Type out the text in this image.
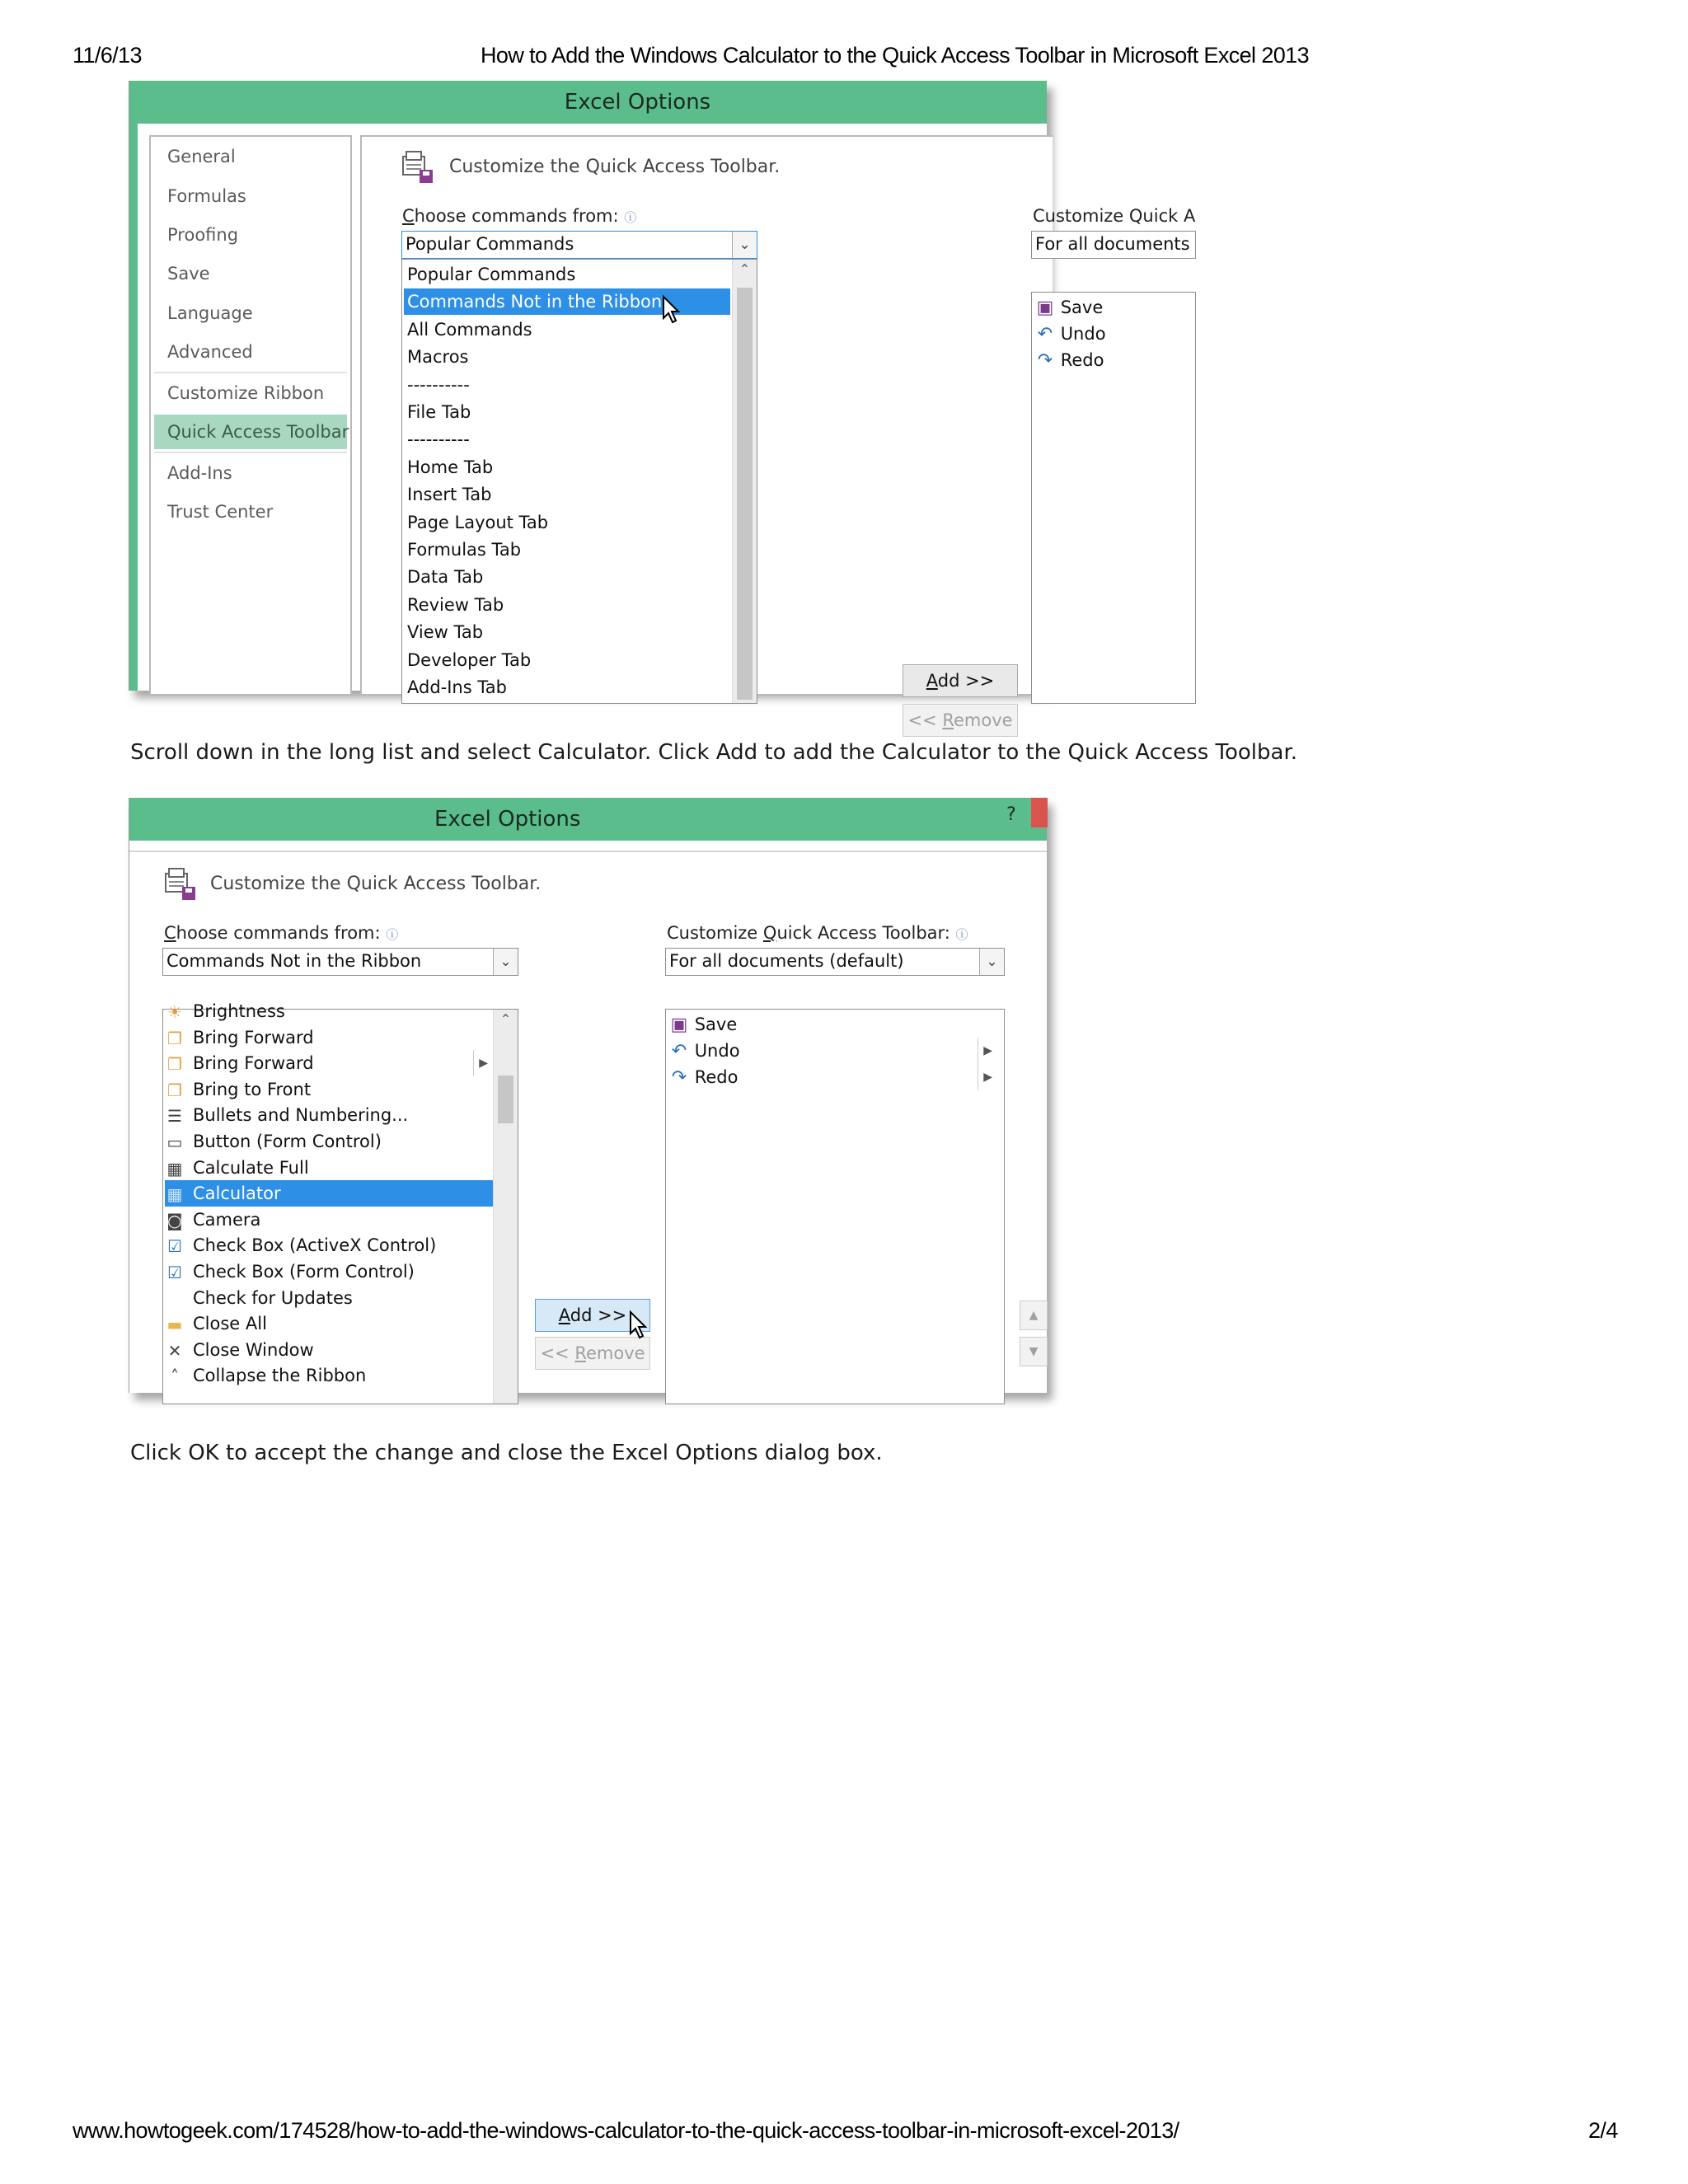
11/6/13	How to Add the Windows Calculator to the Quick Access Toolbar in Microsoft Excel 2013
Excel Options
General
Formulas
Proofing
Save
Language
Advanced
Customize Ribbon
Quick Access Toolbar
Add-Ins
Trust Center
Customize the Quick Access Toolbar.
Choose commands from: ⓘ
Popular Commands	⌄
Popular Commands
Commands Not in the Ribbon
All Commands
Macros
----------
File Tab
----------
Home Tab
Insert Tab
Page Layout Tab
Formulas Tab
Data Tab
Review Tab
View Tab
Developer Tab
Add-Ins Tab
⌃
Customize Quick A
For all documents
▣ Save
↶ Undo
↷ Redo
Add >>
<< Remove
Scroll down in the long list and select Calculator. Click Add to add the Calculator to the Quick Access Toolbar.
Excel Options	?
Customize the Quick Access Toolbar.
Choose commands from: ⓘ
Commands Not in the Ribbon	⌄
Customize Quick Access Toolbar: ⓘ
For all documents (default)	⌄
☀ Brightness
❐ Bring Forward
❐ Bring Forward	▶
❐ Bring to Front
☰ Bullets and Numbering...
▭ Button (Form Control)
▦ Calculate Full
▦ Calculator
◙ Camera
☑ Check Box (ActiveX Control)
☑ Check Box (Form Control)
Check for Updates
▬ Close All
✕ Close Window
˄ Collapse the Ribbon
⌃	▣ Save
↶ Undo	▶
↷ Redo	▶
Add >>
<< Remove
▲
▼
Click OK to accept the change and close the Excel Options dialog box.
www.howtogeek.com/174528/how-to-add-the-windows-calculator-to-the-quick-access-toolbar-in-microsoft-excel-2013/	2/4
